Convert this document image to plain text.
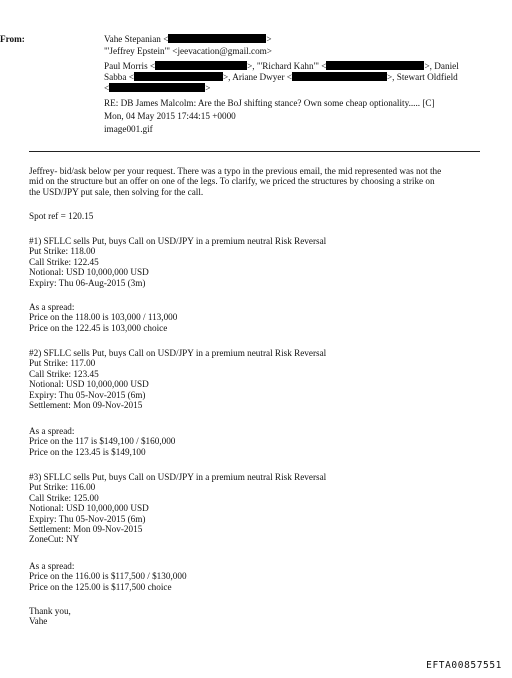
From:	Vahe Stepanian <	>
"'Jeffrey Epstein'" <jeevacation@gmail.com>
Paul Morris <	>, "'Richard Kahn'" <	>, Daniel
Sabba <	>, Ariane Dwyer <	>, Stewart Oldfield
<	>
RE: DB James Malcolm: Are the BoJ shifting stance? Own some cheap optionality..... [C]
Mon, 04 May 2015 17:44:15 +0000
image001.gif
Jeffrey- bid/ask below per your request. There was a typo in the previous email, the mid represented was not the
mid on the structure but an offer on one of the legs. To clarify, we priced the structures by choosing a strike on
the USD/JPY put sale, then solving for the call.
Spot ref = 120.15
#1) SFLLC sells Put, buys Call on USD/JPY in a premium neutral Risk Reversal
Put Strike: 118.00
Call Strike: 122.45
Notional: USD 10,000,000 USD
Expiry: Thu 06-Aug-2015 (3m)
As a spread:
Price on the 118.00 is 103,000 / 113,000
Price on the 122.45 is 103,000 choice
#2) SFLLC sells Put, buys Call on USD/JPY in a premium neutral Risk Reversal
Put Strike: 117.00
Call Strike: 123.45
Notional: USD 10,000,000 USD
Expiry: Thu 05-Nov-2015 (6m)
Settlement: Mon 09-Nov-2015
As a spread:
Price on the 117 is $149,100 / $160,000
Price on the 123.45 is $149,100
#3) SFLLC sells Put, buys Call on USD/JPY in a premium neutral Risk Reversal
Put Strike: 116.00
Call Strike: 125.00
Notional: USD 10,000,000 USD
Expiry: Thu 05-Nov-2015 (6m)
Settlement: Mon 09-Nov-2015
ZoneCut: NY
As a spread:
Price on the 116.00 is $117,500 / $130,000
Price on the 125.00 is $117,500 choice
Thank you,
Vahe
EFTA00857551
